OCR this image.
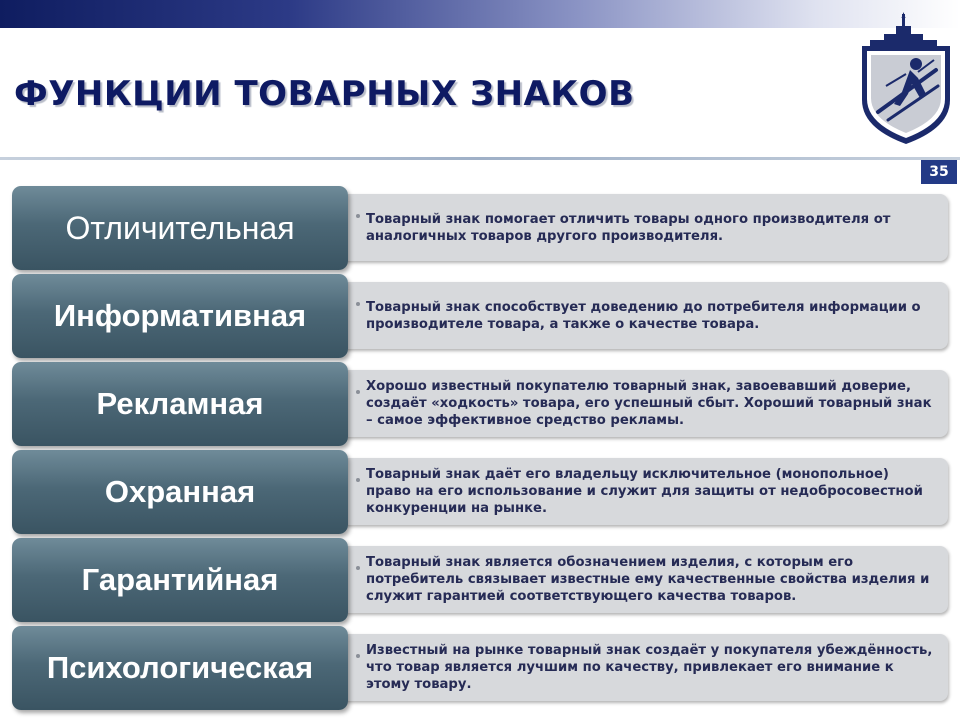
ФУНКЦИИ ТОВАРНЫХ ЗНАКОВ
35
Отличительная	Товарный знак помогает отличить товары одного производителя от аналогичных товаров другого производителя.
Информативная	Товарный знак способствует доведению до потребителя информации о производителе товара, а также о качестве товара.
Рекламная	Хорошо известный покупателю товарный знак, завоевавший доверие, создаёт «ходкость» товара, его успешный сбыт. Хороший товарный знак – самое эффективное средство рекламы.
Охранная	Товарный знак даёт его владельцу исключительное (монопольное) право на его использование и служит для защиты от недобросовестной конкуренции на рынке.
Гарантийная	Товарный знак является обозначением изделия, с которым его потребитель связывает известные ему качественные свойства изделия и служит гарантией соответствующего качества товаров.
Психологическая	Известный на рынке товарный знак создаёт у покупателя убеждённость, что товар является лучшим по качеству, привлекает его внимание к этому товару.
